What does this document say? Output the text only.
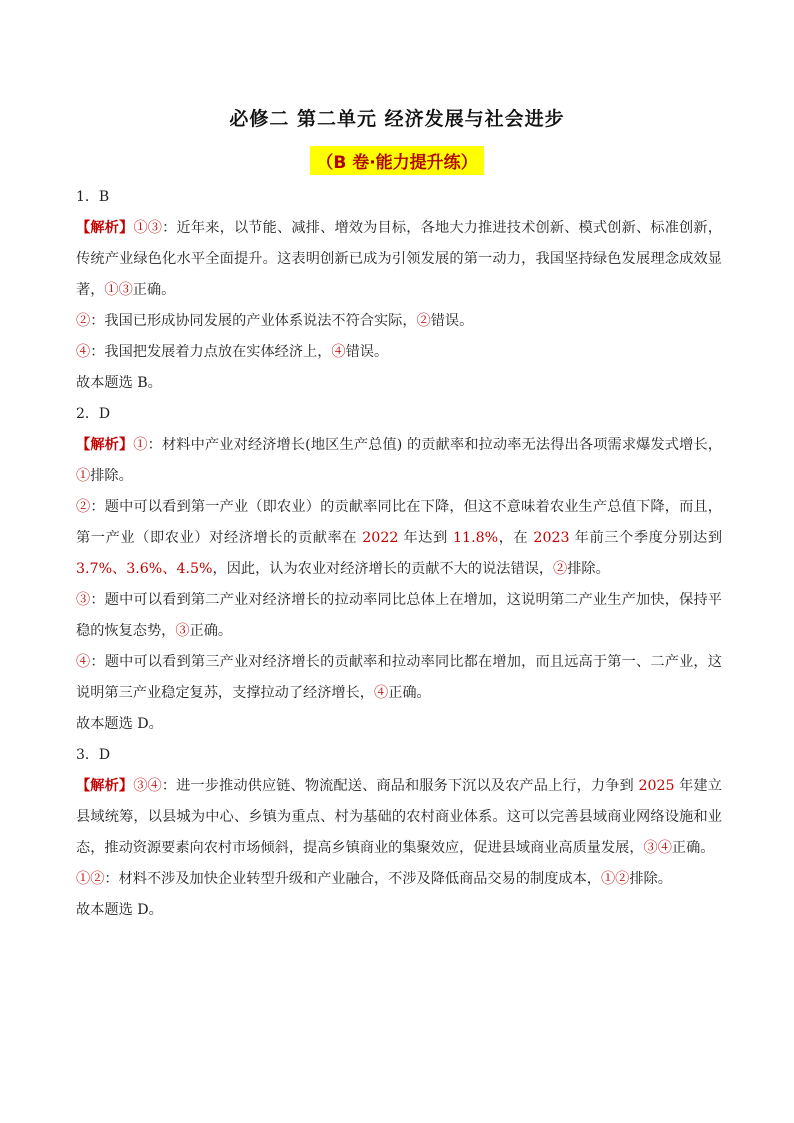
必修二 第二单元 经济发展与社会进步
（B 卷·能力提升练）

1．B

【解析】①③：近年来，以节能、减排、增效为目标，各地大力推进技术创新、模式创新、标准创新，传统产业绿色化水平全面提升。这表明创新已成为引领发展的第一动力，我国坚持绿色发展理念成效显著，①③正确。

②：我国已形成协同发展的产业体系说法不符合实际，②错误。

④：我国把发展着力点放在实体经济上，④错误。

故本题选 B。

2．D

【解析】①：材料中产业对经济增长(地区生产总值) 的贡献率和拉动率无法得出各项需求爆发式增长，①排除。

②：题中可以看到第一产业（即农业）的贡献率同比在下降，但这不意味着农业生产总值下降，而且，第一产业（即农业）对经济增长的贡献率在 2022 年达到 11.8%，在 2023 年前三个季度分别达到 3.7%、3.6%、4.5%，因此，认为农业对经济增长的贡献不大的说法错误，②排除。

③：题中可以看到第二产业对经济增长的拉动率同比总体上在增加，这说明第二产业生产加快，保持平稳的恢复态势，③正确。

④：题中可以看到第三产业对经济增长的贡献率和拉动率同比都在增加，而且远高于第一、二产业，这说明第三产业稳定复苏，支撑拉动了经济增长，④正确。

故本题选 D。

3．D

【解析】③④：进一步推动供应链、物流配送、商品和服务下沉以及农产品上行，力争到 2025 年建立县域统筹，以县城为中心、乡镇为重点、村为基础的农村商业体系。这可以完善县域商业网络设施和业态，推动资源要素向农村市场倾斜，提高乡镇商业的集聚效应，促进县域商业高质量发展，③④正确。

①②：材料不涉及加快企业转型升级和产业融合，不涉及降低商品交易的制度成本，①②排除。

故本题选 D。
